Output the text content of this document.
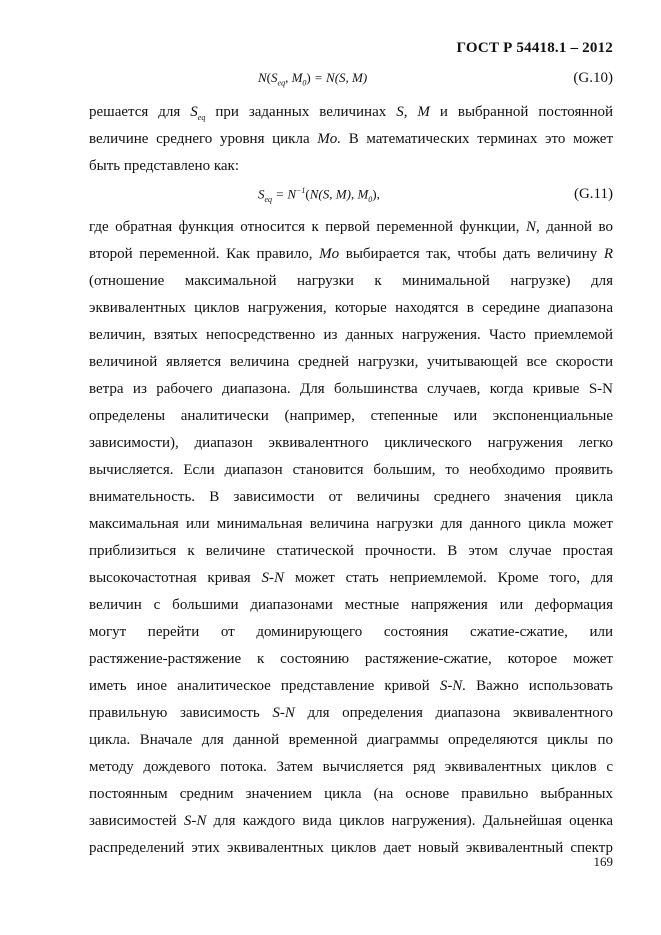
ГОСТ Р 54418.1 – 2012
$N(S_{eq}$, $M_0) = N(S$, M)	(G.10)
решается для $S_{eq}$ при заданных величинах S, M и выбранной постоянной
величине среднего уровня цикла Mo. В математических терминах это может
быть представлено как:
$S_{eq} = N^{-1}(N(S$, M), $M_0$),	(G.11)
где обратная функция относится к первой переменной функции, N, данной во
второй переменной. Как правило, Mo выбирается так, чтобы дать величину R
(отношение максимальной нагрузки к минимальной нагрузке) для
эквивалентных циклов нагружения, которые находятся в середине диапазона
величин, взятых непосредственно из данных нагружения. Часто приемлемой
величиной является величина средней нагрузки, учитывающей все скорости
ветра из рабочего диапазона. Для большинства случаев, когда кривые S-N
определены аналитически (например, степенные или экспоненциальные
зависимости), диапазон эквивалентного циклического нагружения легко
вычисляется. Если диапазон становится большим, то необходимо проявить
внимательность. В зависимости от величины среднего значения цикла
максимальная или минимальная величина нагрузки для данного цикла может
приблизиться к величине статической прочности. В этом случае простая
высокочастотная кривая S-N может стать неприемлемой. Кроме того, для
величин с большими диапазонами местные напряжения или деформация
могут перейти от доминирующего состояния сжатие-сжатие, или
растяжение-растяжение к состоянию растяжение-сжатие, которое может
иметь иное аналитическое представление кривой S-N. Важно использовать
правильную зависимость S-N для определения диапазона эквивалентного
цикла. Вначале для данной временной диаграммы определяются циклы по
методу дождевого потока. Затем вычисляется ряд эквивалентных циклов с
постоянным средним значением цикла (на основе правильно выбранных
зависимостей S-N для каждого вида циклов нагружения). Дальнейшая оценка
распределений этих эквивалентных циклов дает новый эквивалентный спектр
169
